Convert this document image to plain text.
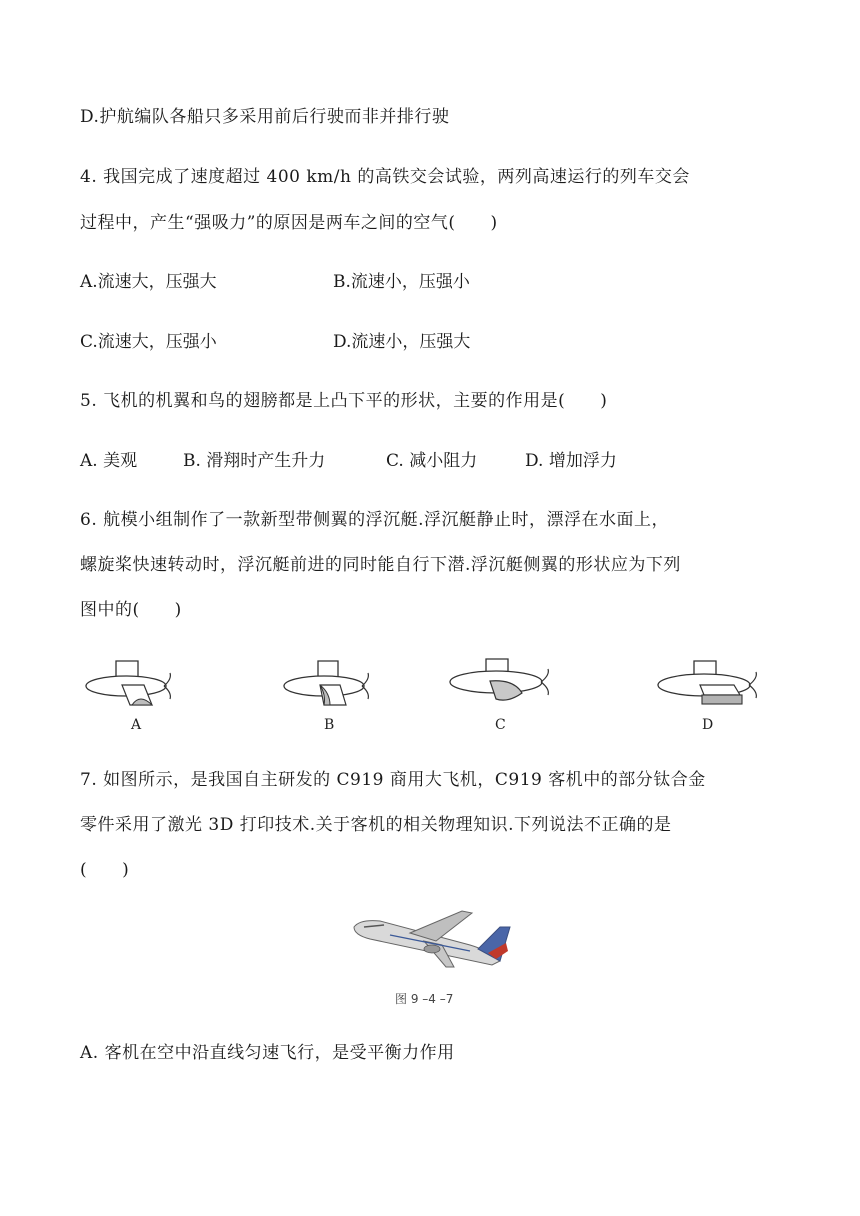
D.护航编队各船只多采用前后行驶而非并排行驶
4. 我国完成了速度超过 400 km/h 的高铁交会试验，两列高速运行的列车交会
过程中，产生“强吸力”的原因是两车之间的空气(　　)
A.流速大，压强大	B.流速小，压强小
C.流速大，压强小	D.流速小，压强大
5. 飞机的机翼和鸟的翅膀都是上凸下平的形状，主要的作用是(　　)
A. 美观	B. 滑翔时产生升力	C. 减小阻力	D. 增加浮力
6. 航模小组制作了一款新型带侧翼的浮沉艇.浮沉艇静止时，漂浮在水面上，
螺旋桨快速转动时，浮沉艇前进的同时能自行下潜.浮沉艇侧翼的形状应为下列
图中的(　　)
A	B	C	D
7. 如图所示，是我国自主研发的 C919 商用大飞机，C919 客机中的部分钛合金
零件采用了激光 3D 打印技术.关于客机的相关物理知识.下列说法不正确的是
(　　)
图 9 –4 –7
A. 客机在空中沿直线匀速飞行，是受平衡力作用
